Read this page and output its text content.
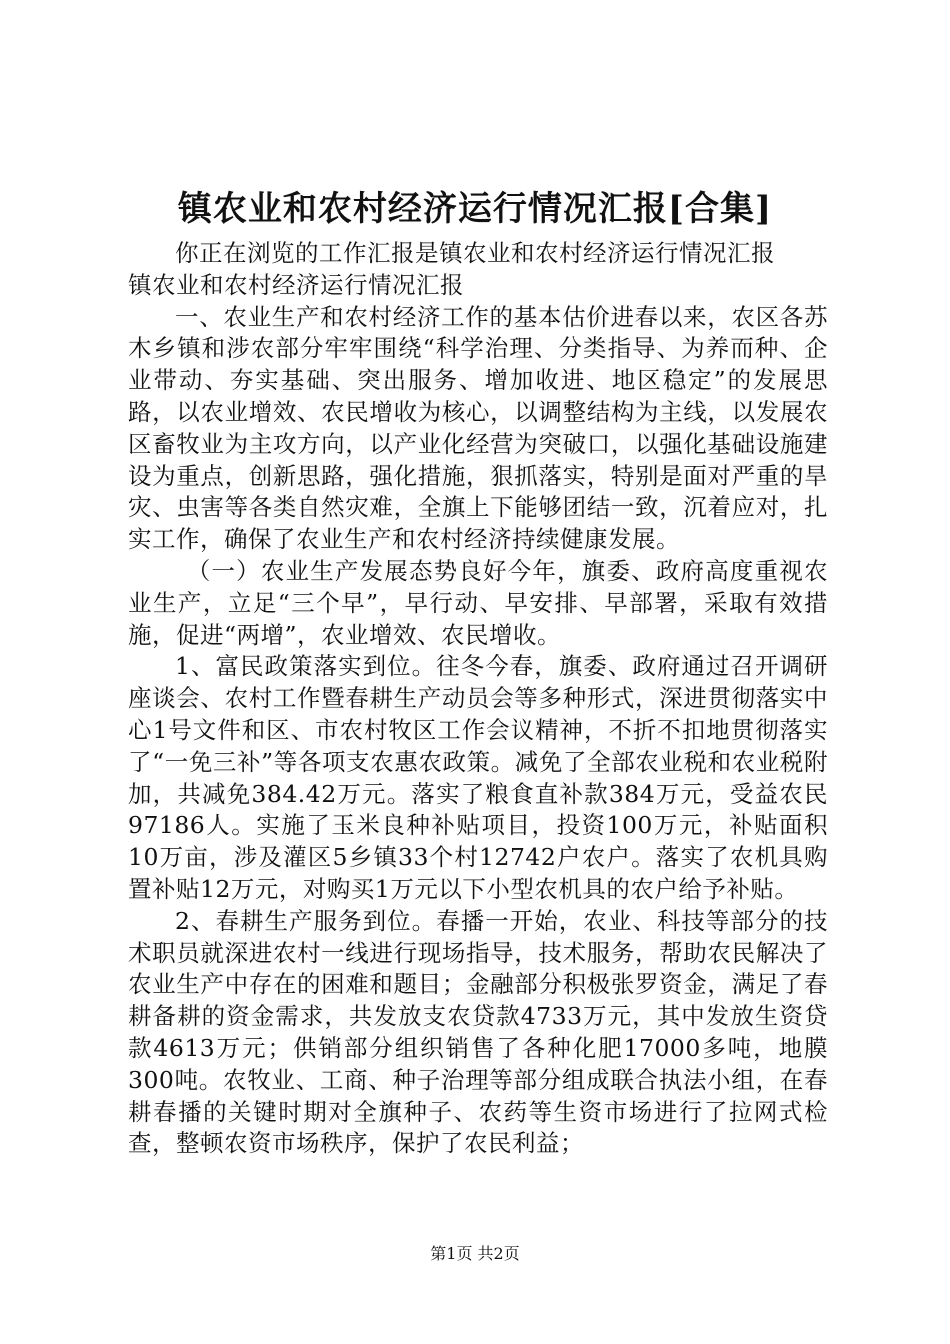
镇农业和农村经济运行情况汇报[合集]

你正在浏览的工作汇报是镇农业和农村经济运行情况汇报

镇农业和农村经济运行情况汇报

一、农业生产和农村经济工作的基本估价进春以来，农区各苏木乡镇和涉农部分牢牢围绕“科学治理、分类指导、为养而种、企业带动、夯实基础、突出服务、增加收进、地区稳定”的发展思路，以农业增效、农民增收为核心，以调整结构为主线，以发展农区畜牧业为主攻方向，以产业化经营为突破口，以强化基础设施建设为重点，创新思路，强化措施，狠抓落实，特别是面对严重的旱灾、虫害等各类自然灾难，全旗上下能够团结一致，沉着应对，扎实工作，确保了农业生产和农村经济持续健康发展。

（一）农业生产发展态势良好今年，旗委、政府高度重视农业生产，立足“三个早”，早行动、早安排、早部署，采取有效措施，促进“两增”，农业增效、农民增收。

1、富民政策落实到位。往冬今春，旗委、政府通过召开调研座谈会、农村工作暨春耕生产动员会等多种形式，深进贯彻落实中心1号文件和区、市农村牧区工作会议精神，不折不扣地贯彻落实了“一免三补”等各项支农惠农政策。减免了全部农业税和农业税附加，共减免384.42万元。落实了粮食直补款384万元，受益农民97186人。实施了玉米良种补贴项目，投资100万元，补贴面积10万亩，涉及灌区5乡镇33个村12742户农户。落实了农机具购置补贴12万元，对购买1万元以下小型农机具的农户给予补贴。

2、春耕生产服务到位。春播一开始，农业、科技等部分的技术职员就深进农村一线进行现场指导，技术服务，帮助农民解决了农业生产中存在的困难和题目；金融部分积极张罗资金，满足了春耕备耕的资金需求，共发放支农贷款4733万元，其中发放生资贷款4613万元；供销部分组织销售了各种化肥17000多吨，地膜300吨。农牧业、工商、种子治理等部分组成联合执法小组，在春耕春播的关键时期对全旗种子、农药等生资市场进行了拉网式检查，整顿农资市场秩序，保护了农民利益；

第1页 共2页
